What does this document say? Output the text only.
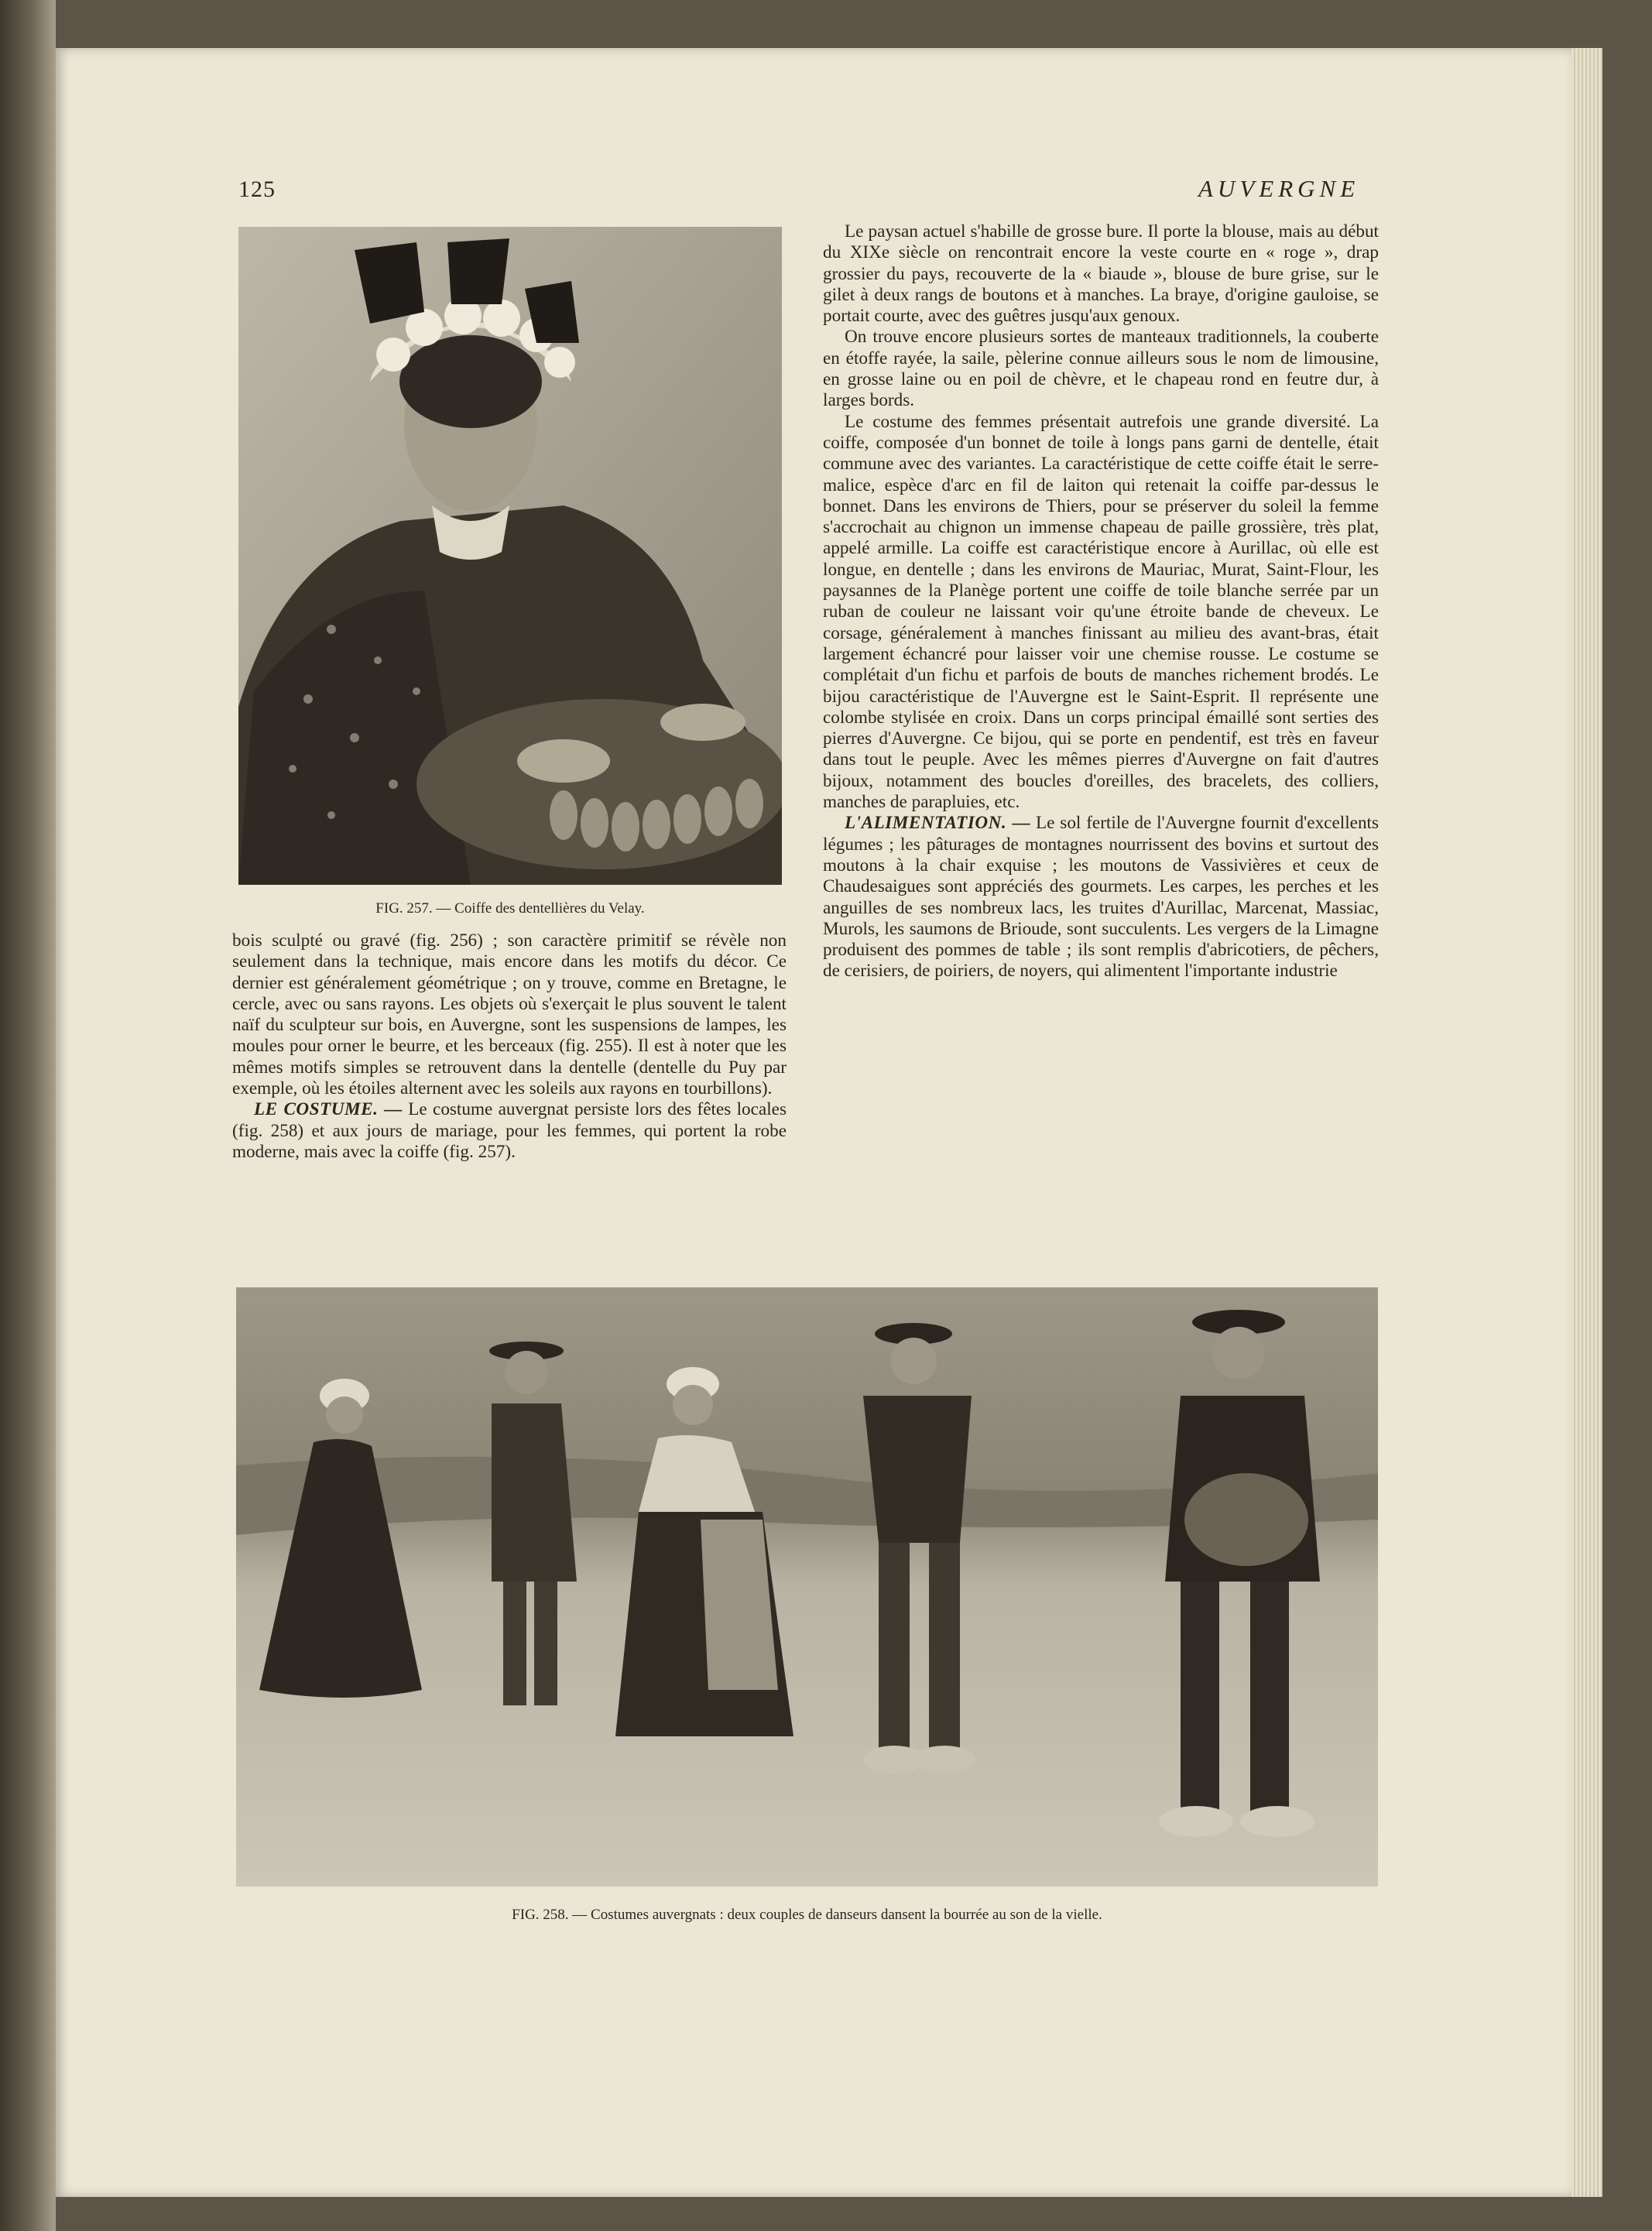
125	AUVERGNE
FIG. 257. — Coiffe des dentellières du Velay.

bois sculpté ou gravé (fig. 256) ; son caractère primitif se révèle non seulement dans la technique, mais encore dans les motifs du décor. Ce dernier est généralement géométrique ; on y trouve, comme en Bretagne, le cercle, avec ou sans rayons. Les objets où s'exerçait le plus souvent le talent naïf du sculpteur sur bois, en Auvergne, sont les suspensions de lampes, les moules pour orner le beurre, et les berceaux (fig. 255). Il est à noter que les mêmes motifs simples se retrouvent dans la dentelle (dentelle du Puy par exemple, où les étoiles alternent avec les soleils aux rayons en tourbillons).

LE COSTUME. — Le costume auvergnat persiste lors des fêtes locales (fig. 258) et aux jours de mariage, pour les femmes, qui portent la robe moderne, mais avec la coiffe (fig. 257).

Le paysan actuel s'habille de grosse bure. Il porte la blouse, mais au début du XIXe siècle on rencontrait encore la veste courte en « roge », drap grossier du pays, recouverte de la « biaude », blouse de bure grise, sur le gilet à deux rangs de boutons et à manches. La braye, d'origine gauloise, se portait courte, avec des guêtres jusqu'aux genoux.

On trouve encore plusieurs sortes de manteaux traditionnels, la couberte en étoffe rayée, la saile, pèlerine connue ailleurs sous le nom de limousine, en grosse laine ou en poil de chèvre, et le chapeau rond en feutre dur, à larges bords.

Le costume des femmes présentait autrefois une grande diversité. La coiffe, composée d'un bonnet de toile à longs pans garni de dentelle, était commune avec des variantes. La caractéristique de cette coiffe était le serre-malice, espèce d'arc en fil de laiton qui retenait la coiffe par-dessus le bonnet. Dans les environs de Thiers, pour se préserver du soleil la femme s'accrochait au chignon un immense chapeau de paille grossière, très plat, appelé armille. La coiffe est caractéristique encore à Aurillac, où elle est longue, en dentelle ; dans les environs de Mauriac, Murat, Saint-Flour, les paysannes de la Planège portent une coiffe de toile blanche serrée par un ruban de couleur ne laissant voir qu'une étroite bande de cheveux. Le corsage, généralement à manches finissant au milieu des avant-bras, était largement échancré pour laisser voir une chemise rousse. Le costume se complétait d'un fichu et parfois de bouts de manches richement brodés. Le bijou caractéristique de l'Auvergne est le Saint-Esprit. Il représente une colombe stylisée en croix. Dans un corps principal émaillé sont serties des pierres d'Auvergne. Ce bijou, qui se porte en pendentif, est très en faveur dans tout le peuple. Avec les mêmes pierres d'Auvergne on fait d'autres bijoux, notamment des boucles d'oreilles, des bracelets, des colliers, manches de parapluies, etc.

L'ALIMENTATION. — Le sol fertile de l'Auvergne fournit d'excellents légumes ; les pâturages de montagnes nourrissent des bovins et surtout des moutons à la chair exquise ; les moutons de Vassivières et ceux de Chaudesaigues sont appréciés des gourmets. Les carpes, les perches et les anguilles de ses nombreux lacs, les truites d'Aurillac, Marcenat, Massiac, Murols, les saumons de Brioude, sont succulents. Les vergers de la Limagne produisent des pommes de table ; ils sont remplis d'abricotiers, de pêchers, de cerisiers, de poiriers, de noyers, qui alimentent l'importante industrie

FIG. 258. — Costumes auvergnats : deux couples de danseurs dansent la bourrée au son de la vielle.
